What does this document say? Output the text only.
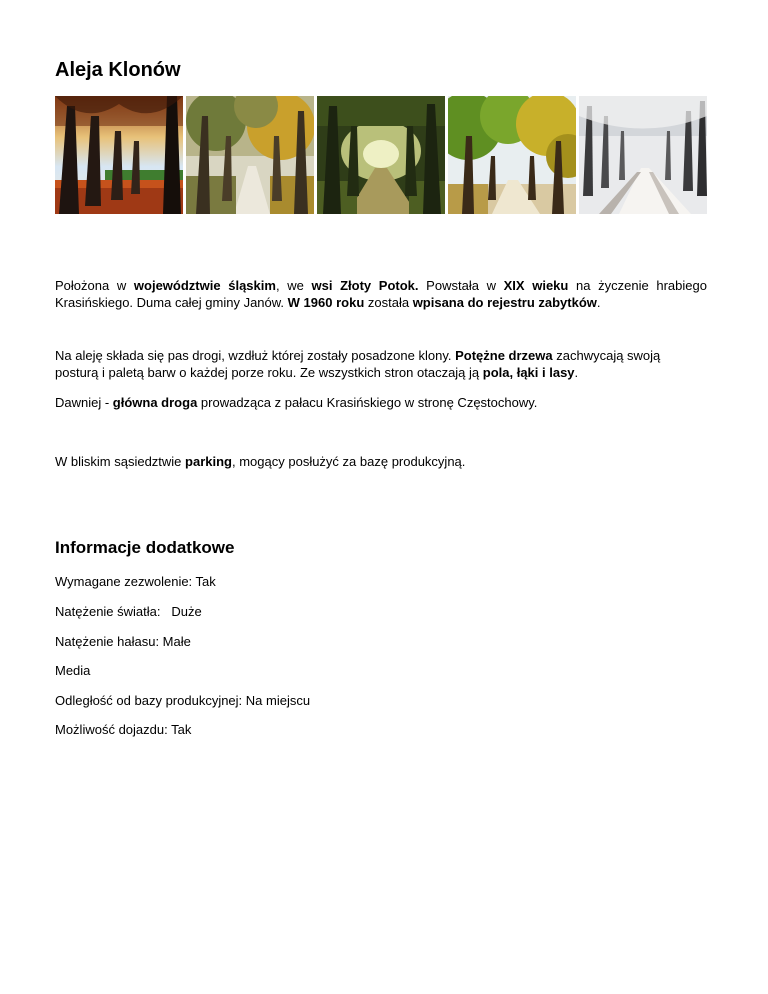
Aleja Klonów

Położona w województwie śląskim, we wsi Złoty Potok. Powstała w XIX wieku na życzenie hrabiego Krasińskiego. Duma całej gminy Janów. W 1960 roku została wpisana do rejestru zabytków.

Na aleję składa się pas drogi, wzdłuż której zostały posadzone klony. Potężne drzewa zachwycają swoją posturą i paletą barw o każdej porze roku. Ze wszystkich stron otaczają ją pola, łąki i lasy.

Dawniej - główna droga prowadząca z pałacu Krasińskiego w stronę Częstochowy.

W bliskim sąsiedztwie parking, mogący posłużyć za bazę produkcyjną.

Informacje dodatkowe
Wymagane zezwolenie: Tak
Natężenie światła:   Duże
Natężenie hałasu: Małe
Media
Odległość od bazy produkcyjnej: Na miejscu
Możliwość dojazdu: Tak
